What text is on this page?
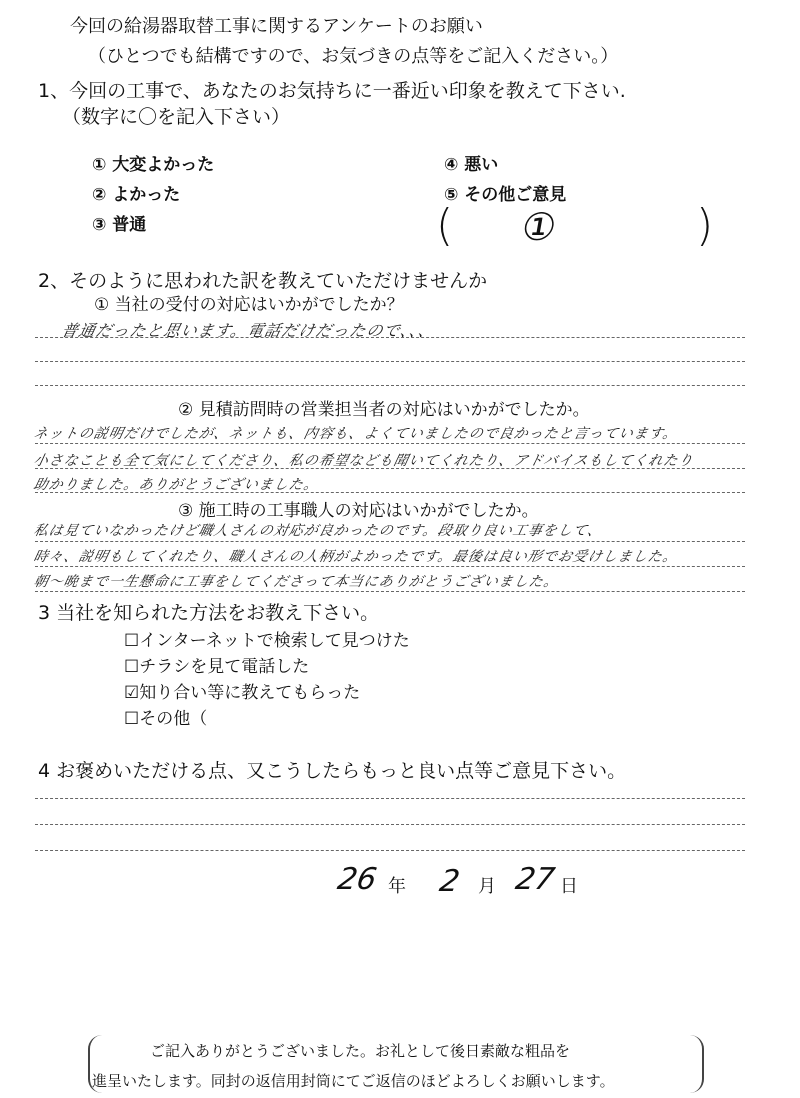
今回の給湯器取替工事に関するアンケートのお願い
（ひとつでも結構ですので、お気づきの点等をご記入ください。）
1、今回の工事で、あなたのお気持ちに一番近い印象を教えて下さい.
（数字に〇を記入下さい）
① 大変よかった
② よかった
③ 普通
④ 悪い
⑤ その他ご意見
( ①	)
2、そのように思われた訳を教えていただけませんか
① 当社の受付の対応はいかがでしたか？
普通だったと思います。電話だけだったので、、、
② 見積訪問時の営業担当者の対応はいかがでしたか。
ネットの説明だけでしたが、ネットも、内容も、よくていましたので良かったと言っています。
小さなことも全て気にしてくださり、私の希望なども聞いてくれたり、アドバイスもしてくれたり
助かりました。ありがとうございました。
③ 施工時の工事職人の対応はいかがでしたか。
私は見ていなかったけど職人さんの対応が良かったのです。段取り良い工事をして、
時々、説明もしてくれたり、職人さんの人柄がよかったです。最後は良い形でお受けしました。
朝～晩まで一生懸命に工事をしてくださって本当にありがとうございました。
3 当社を知られた方法をお教え下さい。
☐インターネットで検索して見つけた
☐チラシを見て電話した
☑知り合い等に教えてもらった
☐その他（
4 お褒めいただける点、又こうしたらもっと良い点等ご意見下さい。
26 年 2 月 27 日
ご記入ありがとうございました。お礼として後日素敵な粗品を
進呈いたします。同封の返信用封筒にてご返信のほどよろしくお願いします。
